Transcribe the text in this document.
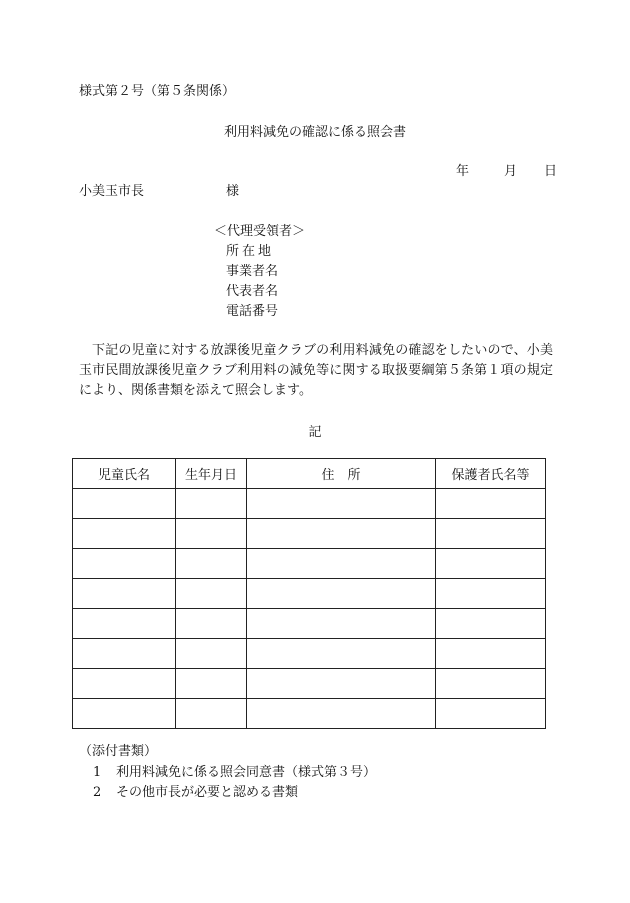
様式第２号（第５条関係）
利用料減免の確認に係る照会書
年	月 日
小美玉市長	様
＜代理受領者＞
所在地
事業者名
代表者名
電話番号
下記の児童に対する放課後児童クラブの利用料減免の確認をしたいので、小美玉市民間放課後児童クラブ利用料の減免等に関する取扱要綱第５条第１項の規定により、関係書類を添えて照会します。
記
児童氏名	生年月日	住　所	保護者氏名等

（添付書類）
1 利用料減免に係る照会同意書（様式第３号）
2 その他市長が必要と認める書類
